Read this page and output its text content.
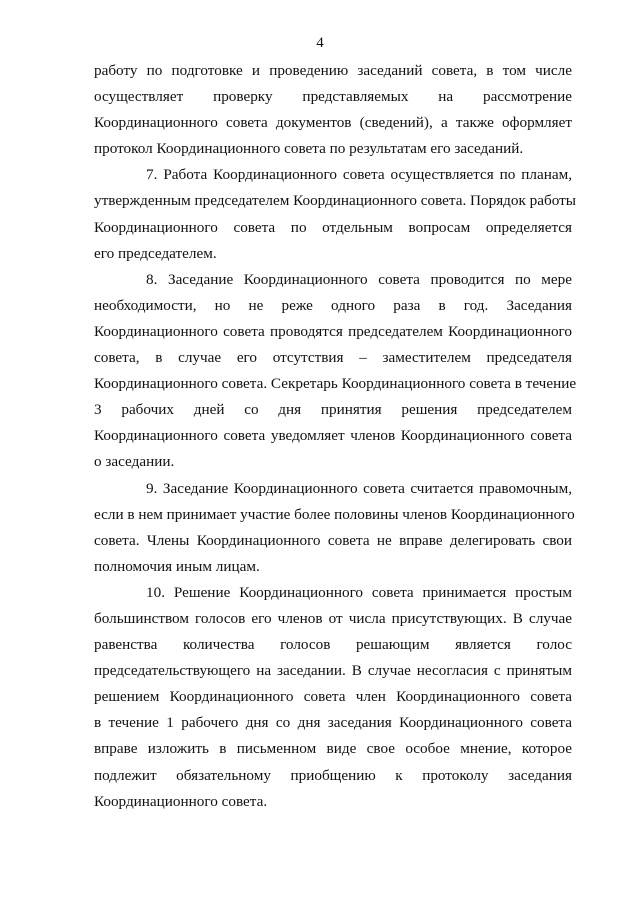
4
работу по подготовке и проведению заседаний совета, в том числе
осуществляет проверку представляемых на рассмотрение
Координационного совета документов (сведений), а также оформляет
протокол Координационного совета по результатам его заседаний.
7. Работа Координационного совета осуществляется по планам,
утвержденным председателем Координационного совета. Порядок работы
Координационного совета по отдельным вопросам определяется
его председателем.
8. Заседание Координационного совета проводится по мере
необходимости, но не реже одного раза в год. Заседания
Координационного совета проводятся председателем Координационного
совета, в случае его отсутствия – заместителем председателя
Координационного совета. Секретарь Координационного совета в течение
3 рабочих дней со дня принятия решения председателем
Координационного совета уведомляет членов Координационного совета
о заседании.
9. Заседание Координационного совета считается правомочным,
если в нем принимает участие более половины членов Координационного
совета. Члены Координационного совета не вправе делегировать свои
полномочия иным лицам.
10. Решение Координационного совета принимается простым
большинством голосов его членов от числа присутствующих. В случае
равенства количества голосов решающим является голос
председательствующего на заседании. В случае несогласия с принятым
решением Координационного совета член Координационного совета
в течение 1 рабочего дня со дня заседания Координационного совета
вправе изложить в письменном виде свое особое мнение, которое
подлежит обязательному приобщению к протоколу заседания
Координационного совета.
